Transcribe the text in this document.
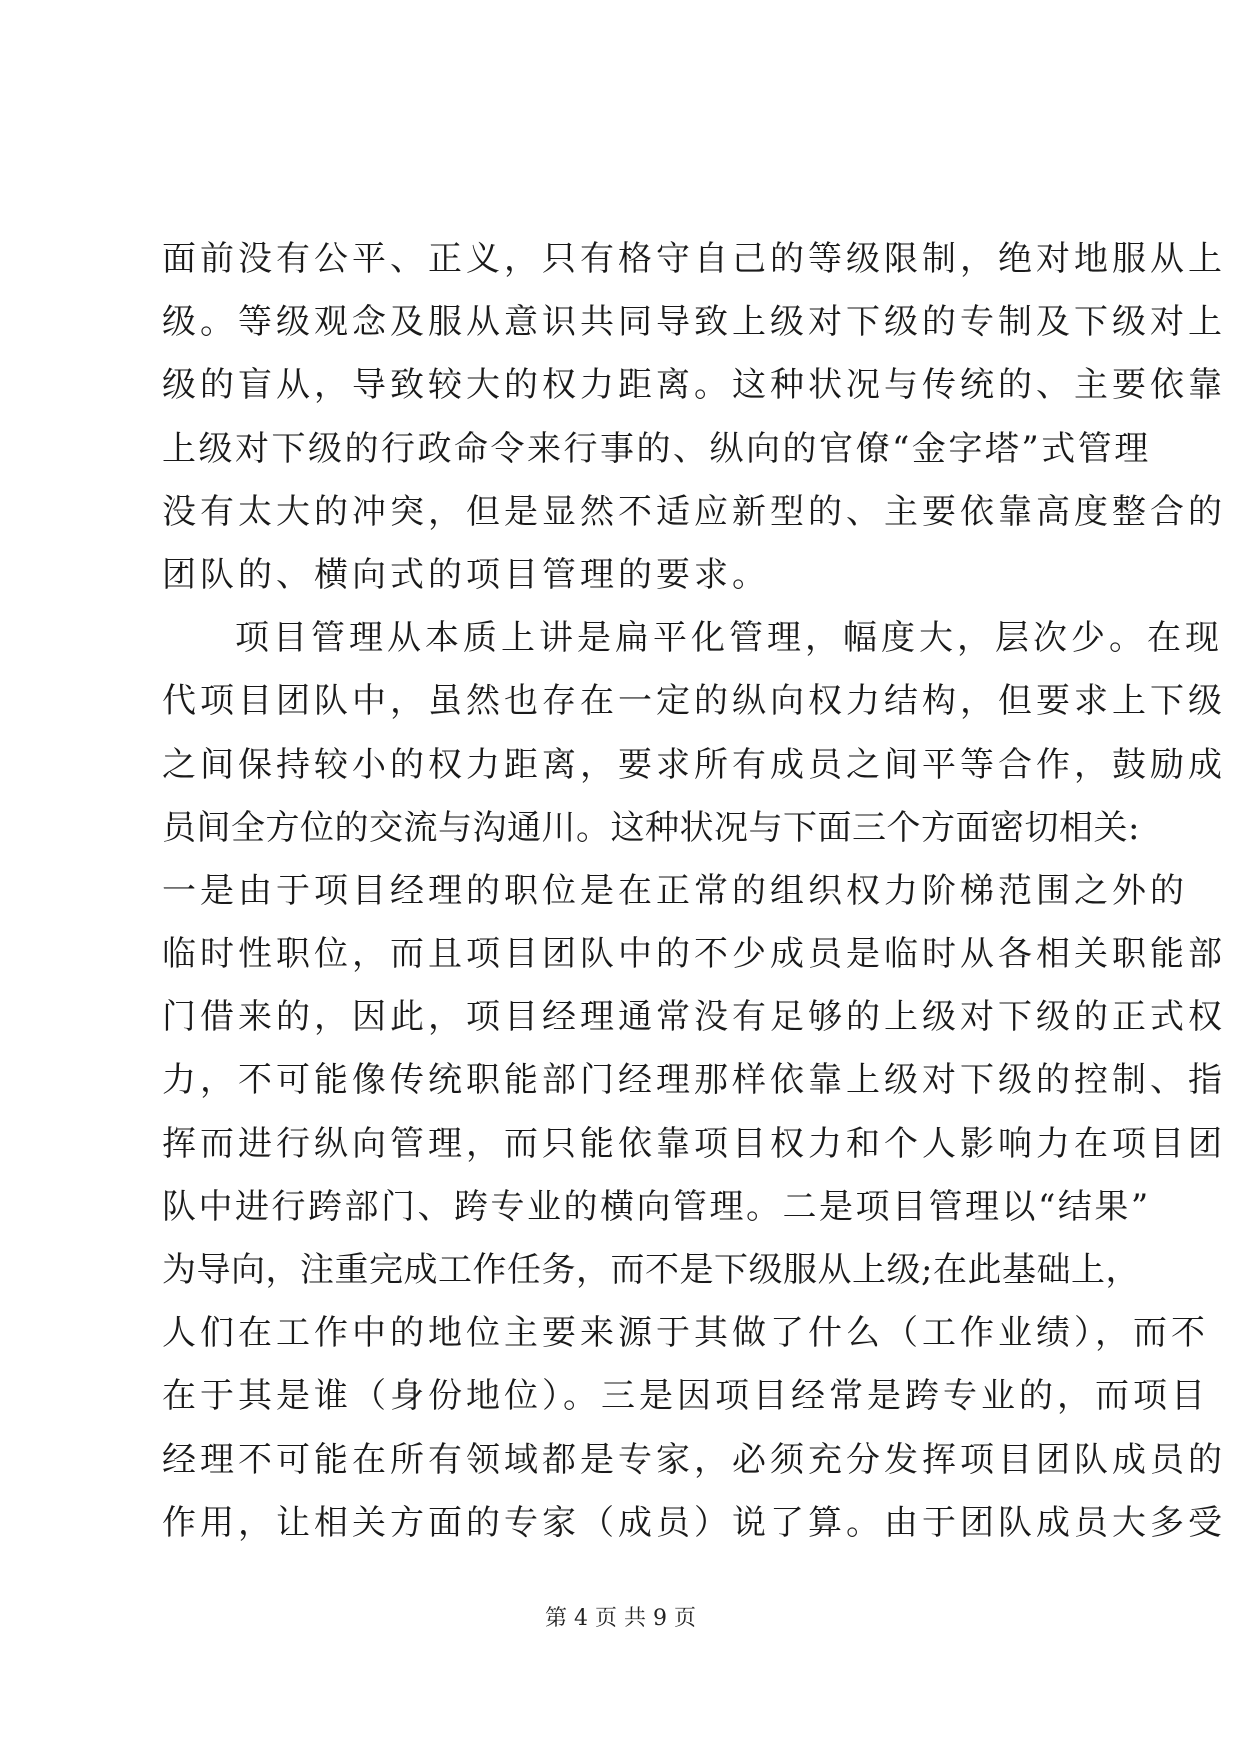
面前没有公平、正义，只有格守自己的等级限制，绝对地服从上
级。等级观念及服从意识共同导致上级对下级的专制及下级对上
级的盲从，导致较大的权力距离。这种状况与传统的、主要依靠
上级对下级的行政命令来行事的、纵向的官僚“金字塔”式管理
没有太大的冲突，但是显然不适应新型的、主要依靠高度整合的
团队的、横向式的项目管理的要求。
项目管理从本质上讲是扁平化管理，幅度大，层次少。在现
代项目团队中，虽然也存在一定的纵向权力结构，但要求上下级
之间保持较小的权力距离，要求所有成员之间平等合作，鼓励成
员间全方位的交流与沟通川。这种状况与下面三个方面密切相关:
一是由于项目经理的职位是在正常的组织权力阶梯范围之外的
临时性职位，而且项目团队中的不少成员是临时从各相关职能部
门借来的，因此，项目经理通常没有足够的上级对下级的正式权
力，不可能像传统职能部门经理那样依靠上级对下级的控制、指
挥而进行纵向管理，而只能依靠项目权力和个人影响力在项目团
队中进行跨部门、跨专业的横向管理。二是项目管理以“结果”
为导向，注重完成工作任务，而不是下级服从上级;在此基础上，
人们在工作中的地位主要来源于其做了什么（工作业绩），而不
在于其是谁（身份地位）。三是因项目经常是跨专业的，而项目
经理不可能在所有领域都是专家，必须充分发挥项目团队成员的
作用，让相关方面的专家（成员）说了算。由于团队成员大多受
第 4 页 共 9 页
